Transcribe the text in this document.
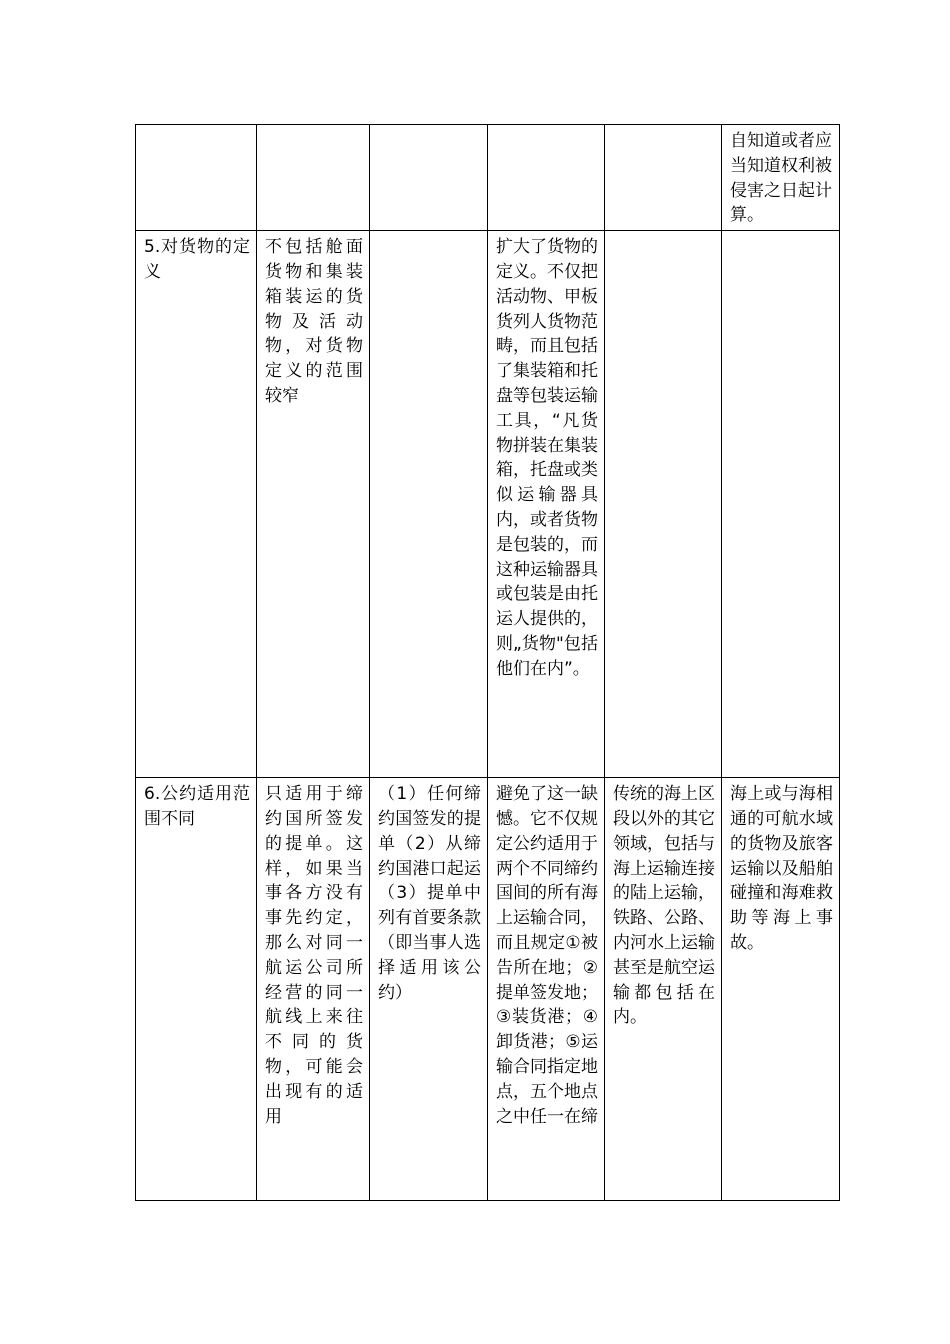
					自知道或者应当知道权利被侵害之日起计算。
5.对货物的定义	不包括舱面货物和集装箱装运的货物及活动物，对货物定义的范围较窄		扩大了货物的定义。不仅把活动物、甲板货列人货物范畴，而且包括了集装箱和托盘等包装运输工具，“凡货物拼装在集装箱，托盘或类似运输器具内，或者货物是包装的，而这种运输器具或包装是由托运人提供的，则„货物"包括他们在内”。		
6.公约适用范围不同	只适用于缔约国所签发的提单。这样，如果当事各方没有事先约定，那么对同一航运公司所经营的同一航线上来往不同的货物，可能会出现有的适用	（1）任何缔约国签发的提单（2）从缔约国港口起运（3）提单中列有首要条款（即当事人选择适用该公约）	避免了这一缺憾。它不仅规定公约适用于两个不同缔约国间的所有海上运输合同，而且规定①被告所在地；②提单签发地；③装货港；④卸货港；⑤运输合同指定地点，五个地点之中任一在缔	传统的海上区段以外的其它领域，包括与海上运输连接的陆上运输，铁路、公路、内河水上运输甚至是航空运输都包括在内。	海上或与海相通的可航水域的货物及旅客运输以及船舶碰撞和海难救助等海上事故。
